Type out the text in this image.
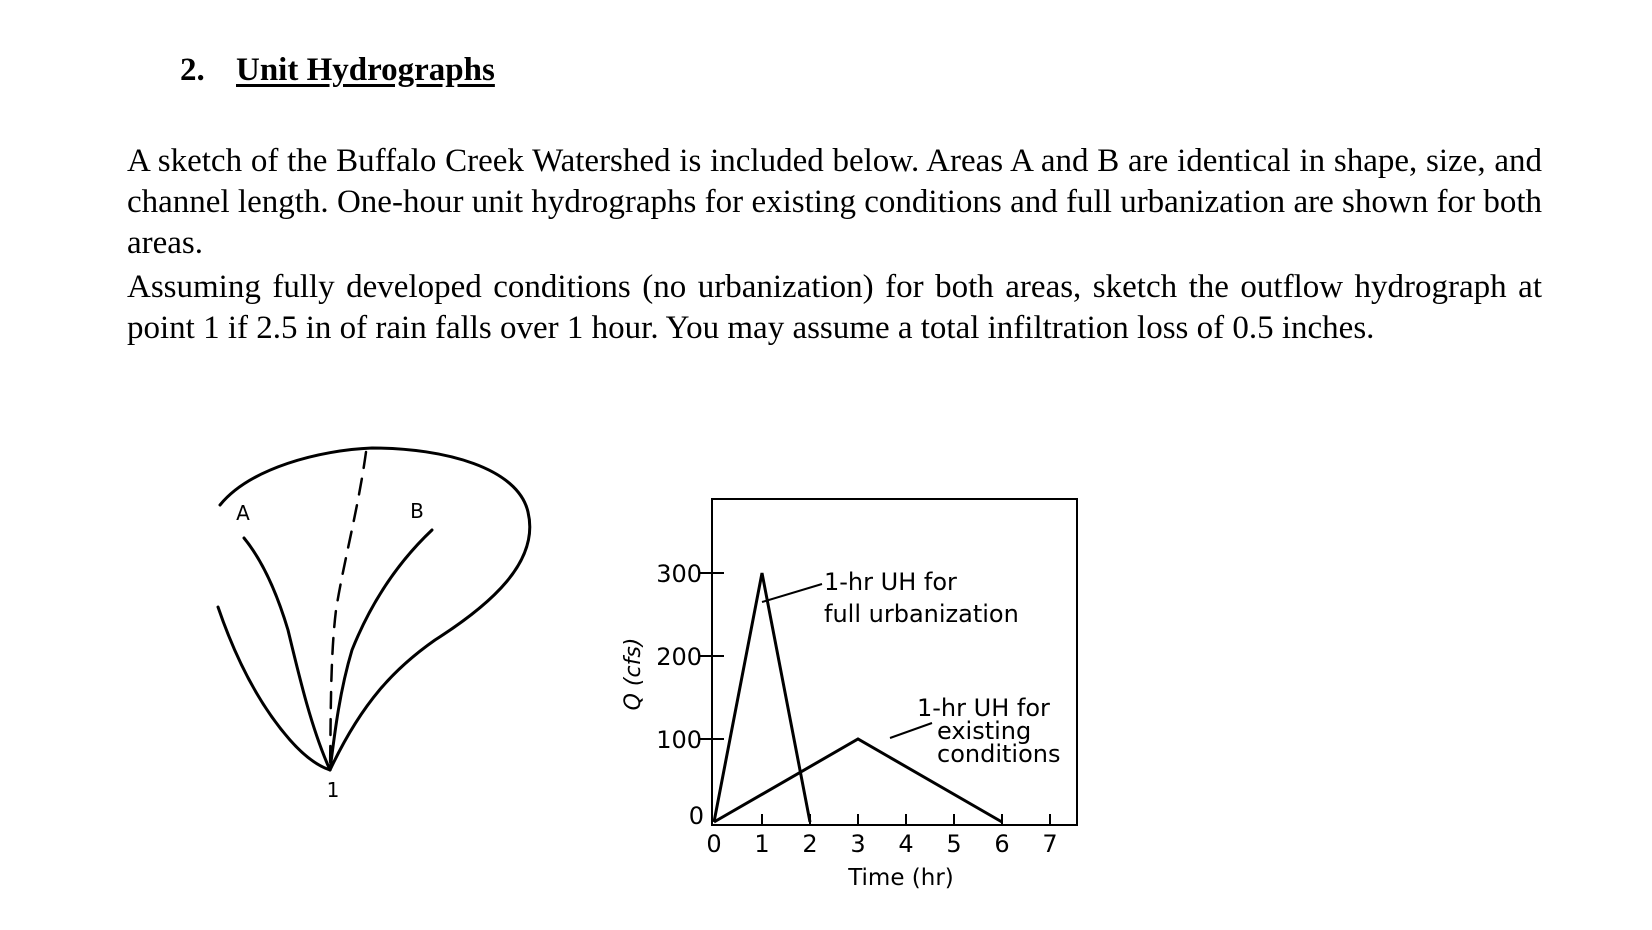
2. Unit Hydrographs

A sketch of the Buffalo Creek Watershed is included below. Areas A and B are identical in shape, size, and channel length. One-hour unit hydrographs for existing conditions and full urbanization are shown for both areas.

Assuming fully developed conditions (no urbanization) for both areas, sketch the outflow hydrograph at point 1 if 2.5 in of rain falls over 1 hour. You may assume a total infiltration loss of 0.5 inches.

A	B
1
0
100
200
300
0 1 2 3 4 5 6 7
1-hr UH for
full urbanization
1-hr UH for
existing
conditions
Time (hr)
Q (cfs)
